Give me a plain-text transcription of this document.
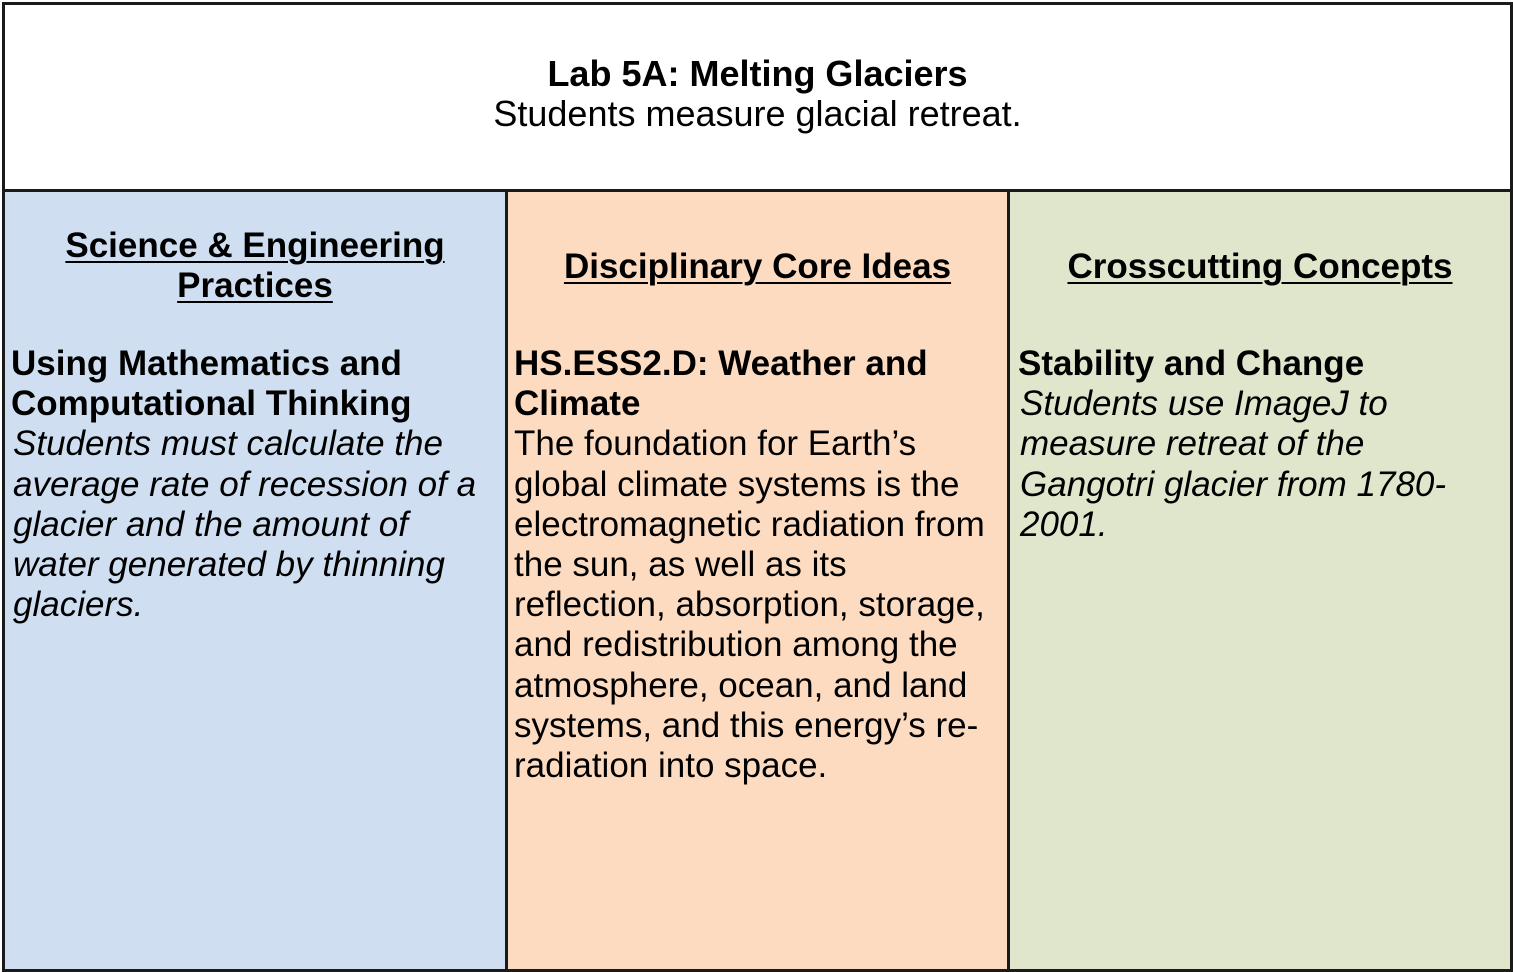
Lab 5A: Melting Glaciers
Students measure glacial retreat.
Science & Engineering Practices
Using Mathematics and Computational Thinking
Students must calculate the average rate of recession of a glacier and the amount of water generated by thinning glaciers.
Disciplinary Core Ideas
HS.ESS2.D: Weather and Climate
The foundation for Earth’s global climate systems is the electromagnetic radiation from the sun, as well as its reflection, absorption, storage, and redistribution among the atmosphere, ocean, and land systems, and this energy’s re-radiation into space.
Crosscutting Concepts
Stability and Change
Students use ImageJ to measure retreat of the Gangotri glacier from 1780-2001.
